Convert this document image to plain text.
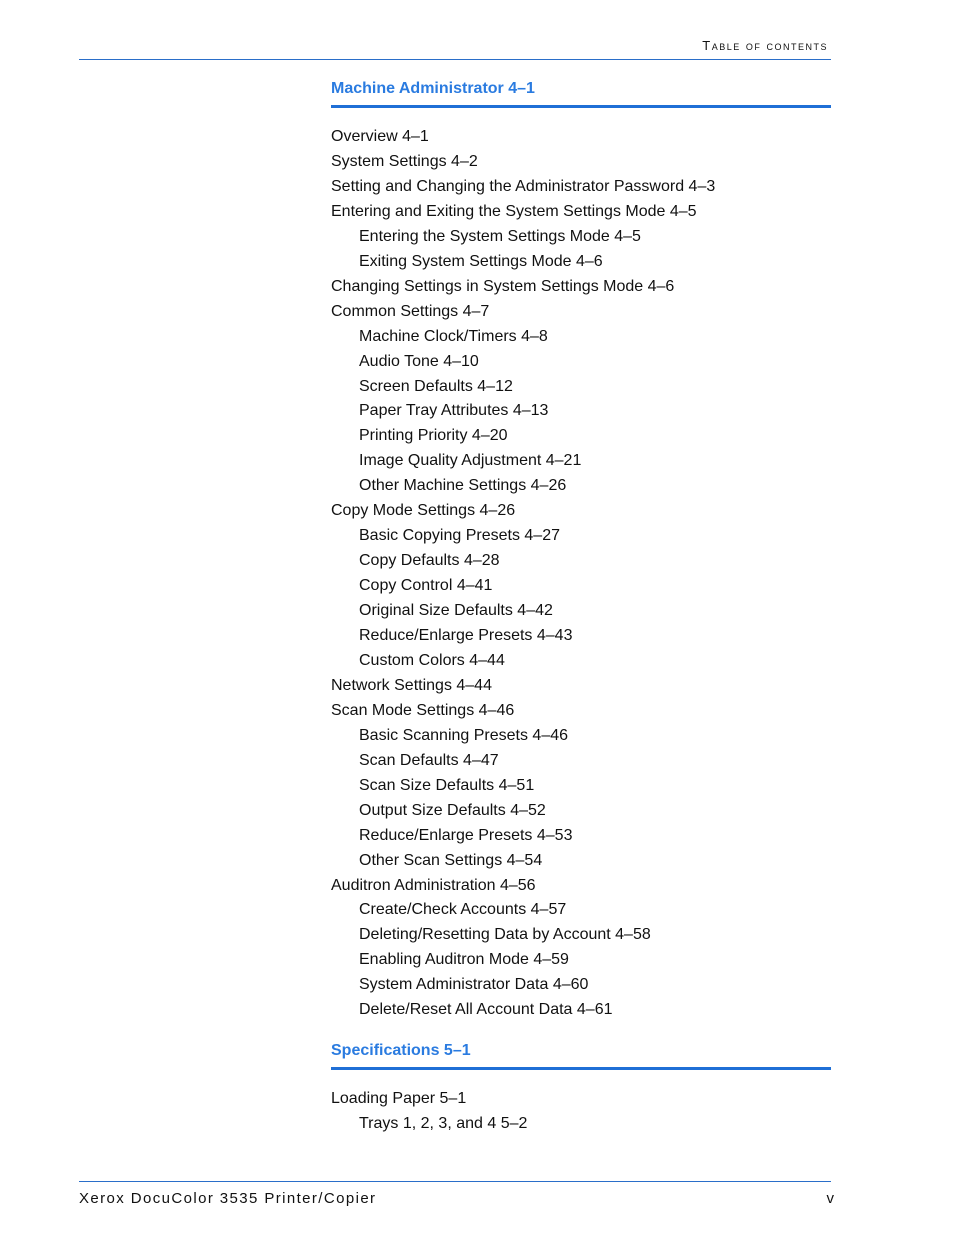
Table of contents
Machine Administrator 4–1
Overview 4–1
System Settings 4–2
Setting and Changing the Administrator Password 4–3
Entering and Exiting the System Settings Mode 4–5
Entering the System Settings Mode 4–5
Exiting System Settings Mode 4–6
Changing Settings in System Settings Mode 4–6
Common Settings 4–7
Machine Clock/Timers 4–8
Audio Tone 4–10
Screen Defaults 4–12
Paper Tray Attributes 4–13
Printing Priority 4–20
Image Quality Adjustment 4–21
Other Machine Settings 4–26
Copy Mode Settings 4–26
Basic Copying Presets 4–27
Copy Defaults 4–28
Copy Control 4–41
Original Size Defaults 4–42
Reduce/Enlarge Presets 4–43
Custom Colors 4–44
Network Settings 4–44
Scan Mode Settings 4–46
Basic Scanning Presets 4–46
Scan Defaults 4–47
Scan Size Defaults 4–51
Output Size Defaults 4–52
Reduce/Enlarge Presets 4–53
Other Scan Settings 4–54
Auditron Administration 4–56
Create/Check Accounts 4–57
Deleting/Resetting Data by Account 4–58
Enabling Auditron Mode 4–59
System Administrator Data 4–60
Delete/Reset All Account Data 4–61
Specifications 5–1
Loading Paper 5–1
Trays 1, 2, 3, and 4 5–2
Xerox DocuColor 3535 Printer/Copier	v
